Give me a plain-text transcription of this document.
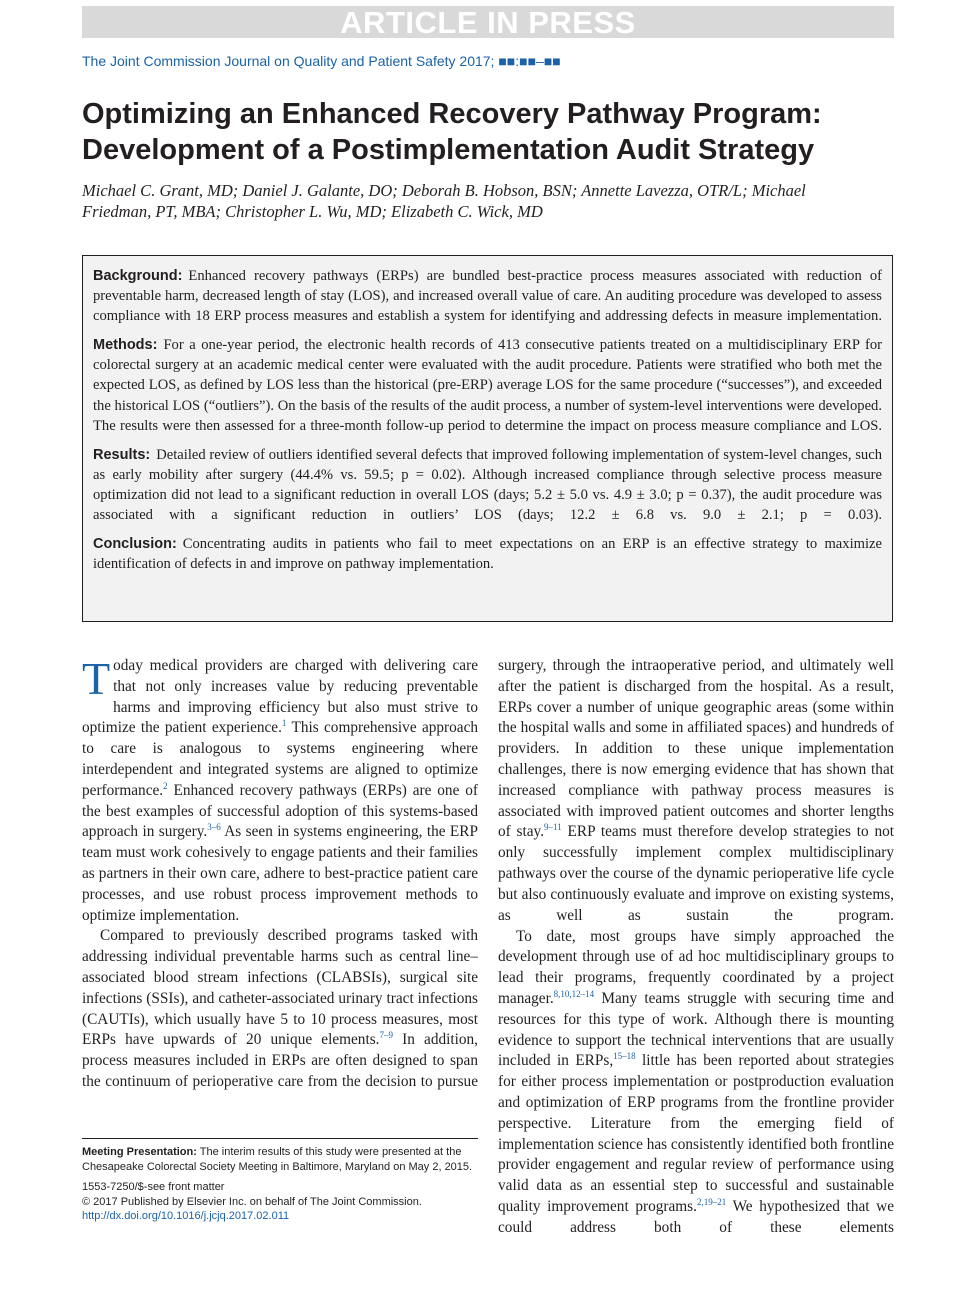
ARTICLE IN PRESS
The Joint Commission Journal on Quality and Patient Safety 2017; ■■:■■–■■
Optimizing an Enhanced Recovery Pathway Program:
Development of a Postimplementation Audit Strategy
Michael C. Grant, MD; Daniel J. Galante, DO; Deborah B. Hobson, BSN; Annette Lavezza, OTR/L; Michael
Friedman, PT, MBA; Christopher L. Wu, MD; Elizabeth C. Wick, MD

Background: Enhanced recovery pathways (ERPs) are bundled best-practice process measures associated with reduction of preventable harm, decreased length of stay (LOS), and increased overall value of care. An auditing procedure was developed to assess compliance with 18 ERP process measures and establish a system for identifying and addressing defects in measure implementation.

Methods: For a one-year period, the electronic health records of 413 consecutive patients treated on a multidisciplinary ERP for colorectal surgery at an academic medical center were evaluated with the audit procedure. Patients were stratified who both met the expected LOS, as defined by LOS less than the historical (pre-ERP) average LOS for the same procedure (“successes”), and exceeded the historical LOS (“outliers”). On the basis of the results of the audit process, a number of system-level interventions were developed. The results were then assessed for a three-month follow-up period to determine the impact on process measure compliance and LOS.

Results: Detailed review of outliers identified several defects that improved following implementation of system-level changes, such as early mobility after surgery (44.4% vs. 59.5; p = 0.02). Although increased compliance through selective process measure optimization did not lead to a significant reduction in overall LOS (days; 5.2 ± 5.0 vs. 4.9 ± 3.0; p = 0.37), the audit procedure was associated with a significant reduction in outliers’ LOS (days; 12.2 ± 6.8 vs. 9.0 ± 2.1; p = 0.03).

Conclusion: Concentrating audits in patients who fail to meet expectations on an ERP is an effective strategy to maximize identification of defects in and improve on pathway implementation.

Today medical providers are charged with delivering care that not only increases value by reducing preventable harms and improving efficiency but also must strive to optimize the patient experience.$^1$ This comprehensive approach to care is analogous to systems engineering where interdependent and integrated systems are aligned to optimize performance.$^2$ Enhanced recovery pathways (ERPs) are one of the best examples of successful adoption of this systems-based approach in surgery.$^{3-6}$ As seen in systems engineering, the ERP team must work cohesively to engage patients and their families as partners in their own care, adhere to best-practice patient care processes, and use robust process improvement methods to optimize implementation.

Compared to previously described programs tasked with addressing individual preventable harms such as central line–associated blood stream infections (CLABSIs), surgical site infections (SSIs), and catheter-associated urinary tract infections (CAUTIs), which usually have 5 to 10 process measures, most ERPs have upwards of 20 unique elements.$^{7-9}$ In addition, process measures included in ERPs are often designed to span the continuum of perioperative care from the decision to pursue

surgery, through the intraoperative period, and ultimately well after the patient is discharged from the hospital. As a result, ERPs cover a number of unique geographic areas (some within the hospital walls and some in affiliated spaces) and hundreds of providers. In addition to these unique implementation challenges, there is now emerging evidence that has shown that increased compliance with pathway process measures is associated with improved patient outcomes and shorter lengths of stay.$^{9-11}$ ERP teams must therefore develop strategies to not only successfully implement complex multidisciplinary pathways over the course of the dynamic perioperative life cycle but also continuously evaluate and improve on existing systems, as well as sustain the program.

To date, most groups have simply approached the development through use of ad hoc multidisciplinary groups to lead their programs, frequently coordinated by a project manager.$^{8,10,12-14}$ Many teams struggle with securing time and resources for this type of work. Although there is mounting evidence to support the technical interventions that are usually included in ERPs,$^{15-18}$ little has been reported about strategies for either process implementation or postproduction evaluation and optimization of ERP programs from the frontline provider perspective. Literature from the emerging field of implementation science has consistently identified both frontline provider engagement and regular review of performance using valid data as an essential step to successful and sustainable quality improvement programs.$^{2,19-21}$ We hypothesized that we could address both of these elements

Meeting Presentation: The interim results of this study were presented at the Chesapeake Colorectal Society Meeting in Baltimore, Maryland on May 2, 2015.

1553-7250/$-see front matter

© 2017 Published by Elsevier Inc. on behalf of The Joint Commission.

http://dx.doi.org/10.1016/j.jcjq.2017.02.011
